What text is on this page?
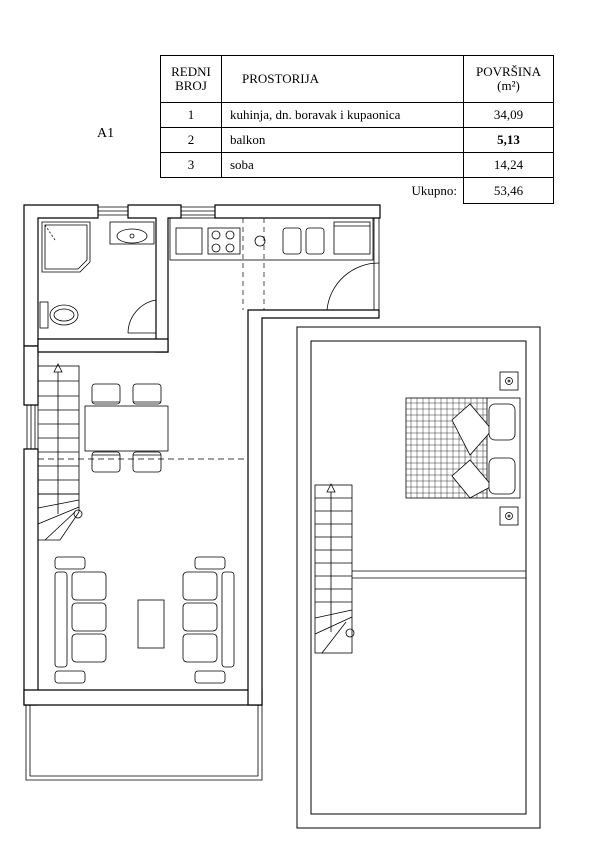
A1
REDNI BROJ	PROSTORIJA	POVRŠINA
(m²)

1	kuhinja, dn. boravak i kupaonica	34,09
2	balkon	5,13
3	soba	14,24
	Ukupno:	53,46
